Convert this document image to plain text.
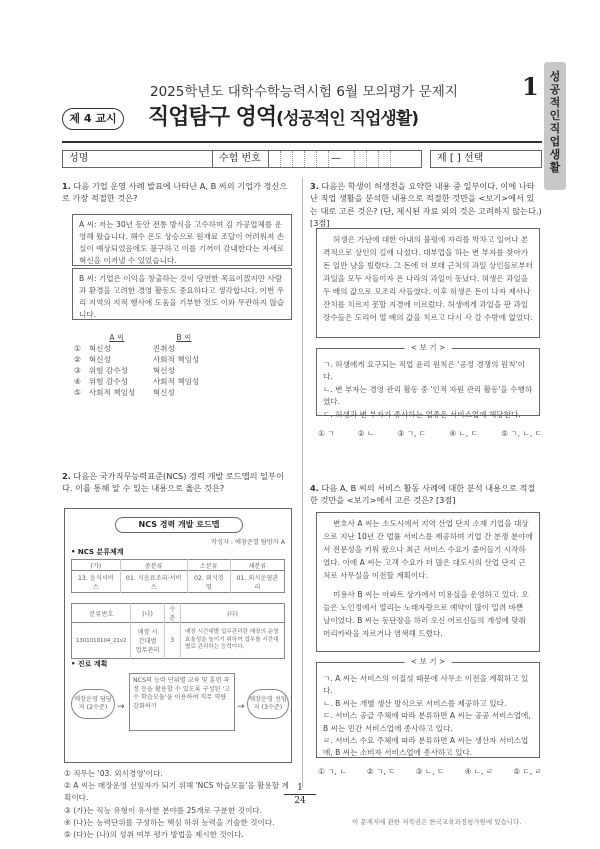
2025학년도 대학수학능력시험 6월 모의평가 문제지	1 성
공
적
인
직
업
생
활
제 4 교시	직업탐구 영역(성공적인 직업생활)
성명	수험 번호	—	제 [ ] 선택
1. 다음 기업 운영 사례 발표에 나타난 A, B 씨의 기업가 정신으로 가장 적절한 것은?
A 씨: 저는 30년 동안 전통 방식을 고수하며 김 가공업체를 운영해 왔습니다. 해수 온도 상승으로 원재료 조달이 어려워져 손실이 예상되었음에도 불구하고 이를 기꺼이 감내한다는 자세로 혁신을 이겨낼 수 있었습니다.
B 씨: 기업은 이익을 창출하는 것이 당연한 목표이겠지만 사람과 환경을 고려한 경영 활동도 중요하다고 생각합니다. 이번 우리 지역의 지적 행사에 도움을 기부한 것도 이와 무관하지 않습니다.
	A 씨	B 씨
①	혁신성	진취성
②	혁신성	사회적 책임성
③	위험 감수성	혁신성
④	위험 감수성	사회적 책임성
⑤	사회적 책임성	혁신성
2. 다음은 국가직무능력표준(NCS) 경력 개발 로드맵의 일부이다. 이를 통해 알 수 있는 내용으로 옳은 것은?
NCS 경력 개발 로드맵
작성자 : 예창준열 탐방자 A
• NCS 분류체계
(가)	중분류	소분류	세분류
13. 음식서비스	01. 식음료조리·서비스	02. 외식경영	01. 외식운영관리
분류번호	(나)	수준	(다)
1301010104_21v2	매장 시간대별 업무관리	3	매장 시간대별 업무관리란 매장의 운영효율성을 높이기 위하여 업무를 시간대별로 관리하는 능력이다.
• 진로 계획
매장운영 담당자 (2수준)	→
NCS의 능력 단위별 교육 및 훈련 과정 등을 활용할 수 있도록 구성된 '고수 학습모듈'을 이용하여 직무 역량 강화하기	→
매장운영 선임자 (3수준)
① 직무는 '03. 외식경영'이다.
② A 씨는 매장운영 선임자가 되기 위해 'NCS 학습모듈'을 활용할 계획이다.
③ (가)는 직능 유형이 유사한 분야를 25개로 구분한 것이다.
④ (나)는 능력단위를 구성하는 핵심 하위 능력을 기술한 것이다.
⑤ (다)는 (나)의 성취 여부 평가 방법을 제시한 것이다.
3. 다음은 학생이 허생전을 요약한 내용 중 일부이다. 이에 나타난 직업 생활을 분석한 내용으로 적절한 것만을 <보기>에서 있는 대로 고른 것은? (단, 제시된 자료 외의 것은 고려하지 않는다.) [3점]
허생은 가난에 대한 아내의 불평에 자리를 박차고 일어나 본격적으로 상인의 길에 나섰다. 대부업을 하는 변 부자를 찾아가 돈 일만 냥을 빌렸다. 그 돈에 더 보태 근처의 과일 상인들로부터 과일을 모두 사들이자 온 나라의 과일이 동났다. 혀생은 과일을 두 배의 값으로 모조리 사들였다. 이후 허생은 돈이 나자 제사나 잔치를 치르지 못할 지경에 이르렀다. 허생에게 과일을 판 과일 장수들은 도리어 열 배의 값을 치르고 다시 사 갈 수밖에 없었다.
< 보 기 >
ㄱ. 허생에게 요구되는 직업 윤리 원칙은 '공정 경쟁의 원칙'이다.
ㄴ. 변 부자는 경영 관리 활동 중 '인적 자원 관리 활동'을 수행하였다.
ㄷ. 허생과 변 부자가 종사하는 업종은 서비스업에 해당한다.
① ㄱ	② ㄴ	③ ㄱ, ㄷ	④ ㄴ, ㄷ	⑤ ㄱ, ㄴ, ㄷ
4. 다음 A, B 씨의 서비스 활동 사례에 대한 분석 내용으로 적절한 것만을 <보기>에서 고른 것은? [3점]
변호사 A 씨는 소도시에서 지역 산업 단지 소재 기업을 대상으로 지난 10년 간 법률 서비스를 제공하며 기업 간 분쟁 분야에서 전문성을 키워 왔으나 최근 서비스 수요가 줄어들기 시작하였다. 이에 A 씨는 고객 수요가 더 많은 대도시의 산업 단지 근처로 사무실을 이전할 계획이다.
미용사 B 씨는 아파트 상가에서 미용실을 운영하고 있다. 오늘은 노인정에서 열리는 노래자랑으로 예약이 많이 밀려 바쁜 날이었다. B 씨는 동단장을 하러 오신 어르신들의 개성에 맞춰 머리카락을 자르거나 염색해 드렸다.
< 보 기 >
ㄱ. A 씨는 서비스의 이질성 때문에 사무소 이전을 계획하고 있다.
ㄴ. B 씨는 개별 생산 방식으로 서비스를 제공하고 있다.
ㄷ. 서비스 공급 주체에 따라 분류하면 A 씨는 공공 서비스업에, B 씨는 민간 서비스업에 종사하고 있다.
ㄹ. 서비스 수요 주체에 따라 분류하면 A 씨는 생산자 서비스업에, B 씨는 소비자 서비스업에 종사하고 있다.
① ㄱ, ㄴ	② ㄱ, ㄷ	③ ㄴ, ㄷ	④ ㄴ, ㄹ	⑤ ㄷ, ㄹ
1
24
이 문제지에 관한 저작권은 한국교육과정평가원에 있습니다.
